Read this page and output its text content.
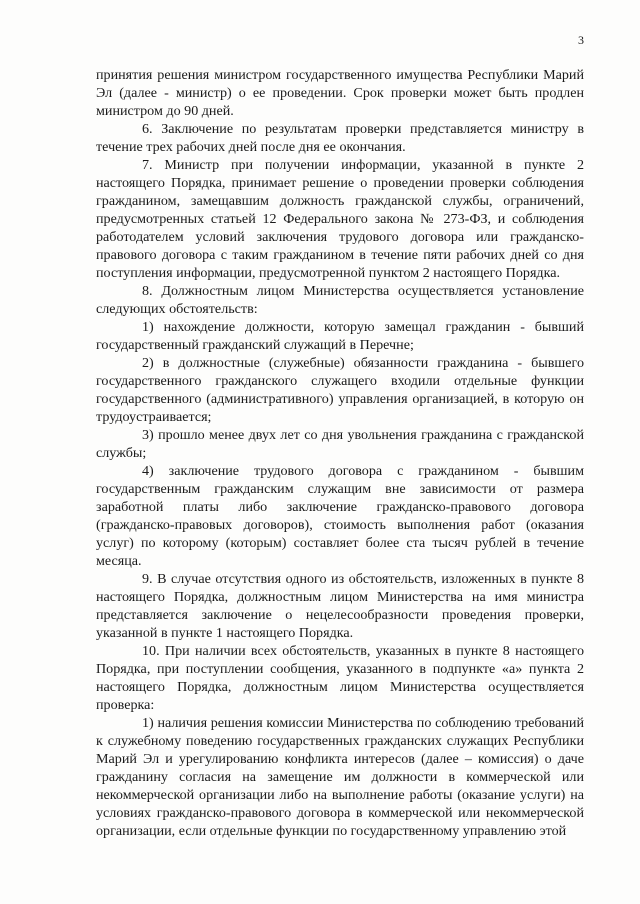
3

принятия решения министром государственного имущества Республики Марий Эл (далее - министр) о ее проведении. Срок проверки может быть продлен министром до 90 дней.

6. Заключение по результатам проверки представляется министру в течение трех рабочих дней после дня ее окончания.

7. Министр при получении информации, указанной в пункте 2 настоящего Порядка, принимает решение о проведении проверки соблюдения гражданином, замещавшим должность гражданской службы, ограничений, предусмотренных статьей 12 Федерального закона № 273-ФЗ, и соблюдения работодателем условий заключения трудового договора или гражданско-правового договора с таким гражданином в течение пяти рабочих дней со дня поступления информации, предусмотренной пунктом 2 настоящего Порядка.

8. Должностным лицом Министерства осуществляется установление следующих обстоятельств:

1) нахождение должности, которую замещал гражданин - бывший государственный гражданский служащий в Перечне;

2) в должностные (служебные) обязанности гражданина - бывшего государственного гражданского служащего входили отдельные функции государственного (административного) управления организацией, в которую он трудоустраивается;

3) прошло менее двух лет со дня увольнения гражданина с гражданской службы;

4) заключение трудового договора с гражданином - бывшим государственным гражданским служащим вне зависимости от размера заработной платы либо заключение гражданско-правового договора (гражданско-правовых договоров), стоимость выполнения работ (оказания услуг) по которому (которым) составляет более ста тысяч рублей в течение месяца.

9. В случае отсутствия одного из обстоятельств, изложенных в пункте 8 настоящего Порядка, должностным лицом Министерства на имя министра представляется заключение о нецелесообразности проведения проверки, указанной в пункте 1 настоящего Порядка.

10. При наличии всех обстоятельств, указанных в пункте 8 настоящего Порядка, при поступлении сообщения, указанного в подпункте «а» пункта 2 настоящего Порядка, должностным лицом Министерства осуществляется проверка:

1) наличия решения комиссии Министерства по соблюдению требований к служебному поведению государственных гражданских служащих Республики Марий Эл и урегулированию конфликта интересов (далее – комиссия) о даче гражданину согласия на замещение им должности в коммерческой или некоммерческой организации либо на выполнение работы (оказание услуги) на условиях гражданско-правового договора в коммерческой или некоммерческой организации, если отдельные функции по государственному управлению этой
